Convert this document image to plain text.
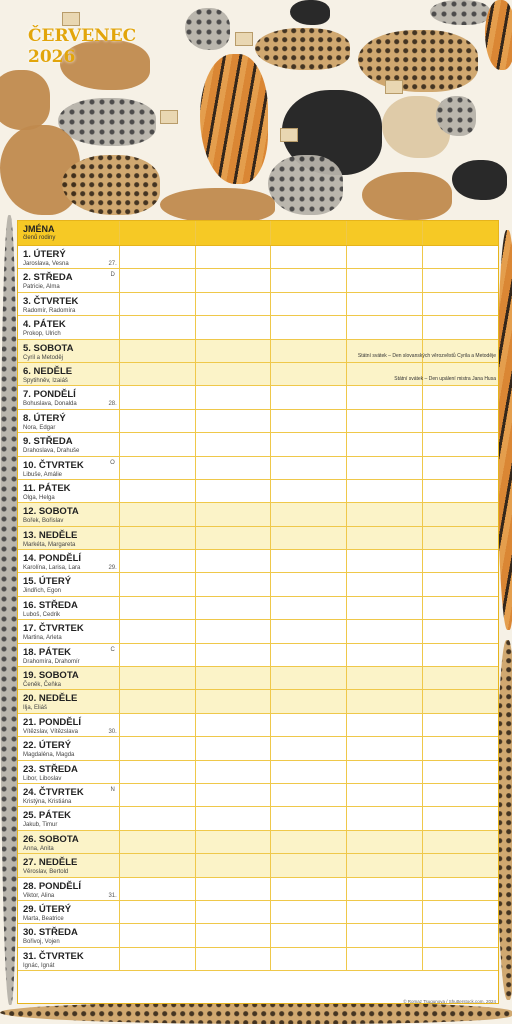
ČERVENEC
2026
JMÉNA
členů rodiny
1. ÚTERÝ
Jaroslava, Vesna	27.
2. STŘEDA
Patricie, Alma
D
3. ČTVRTEK
Radomír, Radomíra
4. PÁTEK
Prokop, Ulrich
5. SOBOTA
Cyril a Metoděj	Státní svátek – Den slovanských věrozvěstů Cyrila a Metoděje
6. NEDĚLE
Spytihněv, Izaiáš	Státní svátek – Den upálení mistra Jana Husa
7. PONDĚLÍ
Bohuslava, Donalda	28.
8. ÚTERÝ
Nora, Edgar
9. STŘEDA
Drahoslava, Drahuše
10. ČTVRTEK
Libuše, Amálie
O
11. PÁTEK
Olga, Helga
12. SOBOTA
Bořek, Bořislav
13. NEDĚLE
Markéta, Margareta
14. PONDĚLÍ
Karolína, Larisa, Lara	29.
15. ÚTERÝ
Jindřich, Egon
16. STŘEDA
Luboš, Cedrik
17. ČTVRTEK
Martina, Arleta
18. PÁTEK
Drahomíra, Drahomír
C
19. SOBOTA
Čeněk, Čeňka
20. NEDĚLE
Ilja, Eliáš
21. PONDĚLÍ
Vítězslav, Vítězslava	30.
22. ÚTERÝ
Magdaléna, Magda
23. STŘEDA
Libor, Liboslav
24. ČTVRTEK
Kristýna, Kristiána
N
25. PÁTEK
Jakub, Timur
26. SOBOTA
Anna, Anita
27. NEDĚLE
Věroslav, Bertold
28. PONDĚLÍ
Viktor, Alina	31.
29. ÚTERÝ
Marta, Beatrice
30. STŘEDA
Bořivoj, Vojen
31. ČTVRTEK
Ignác, Ignát
© Romaz Tsugunova / Shutterstock.com, 2024
